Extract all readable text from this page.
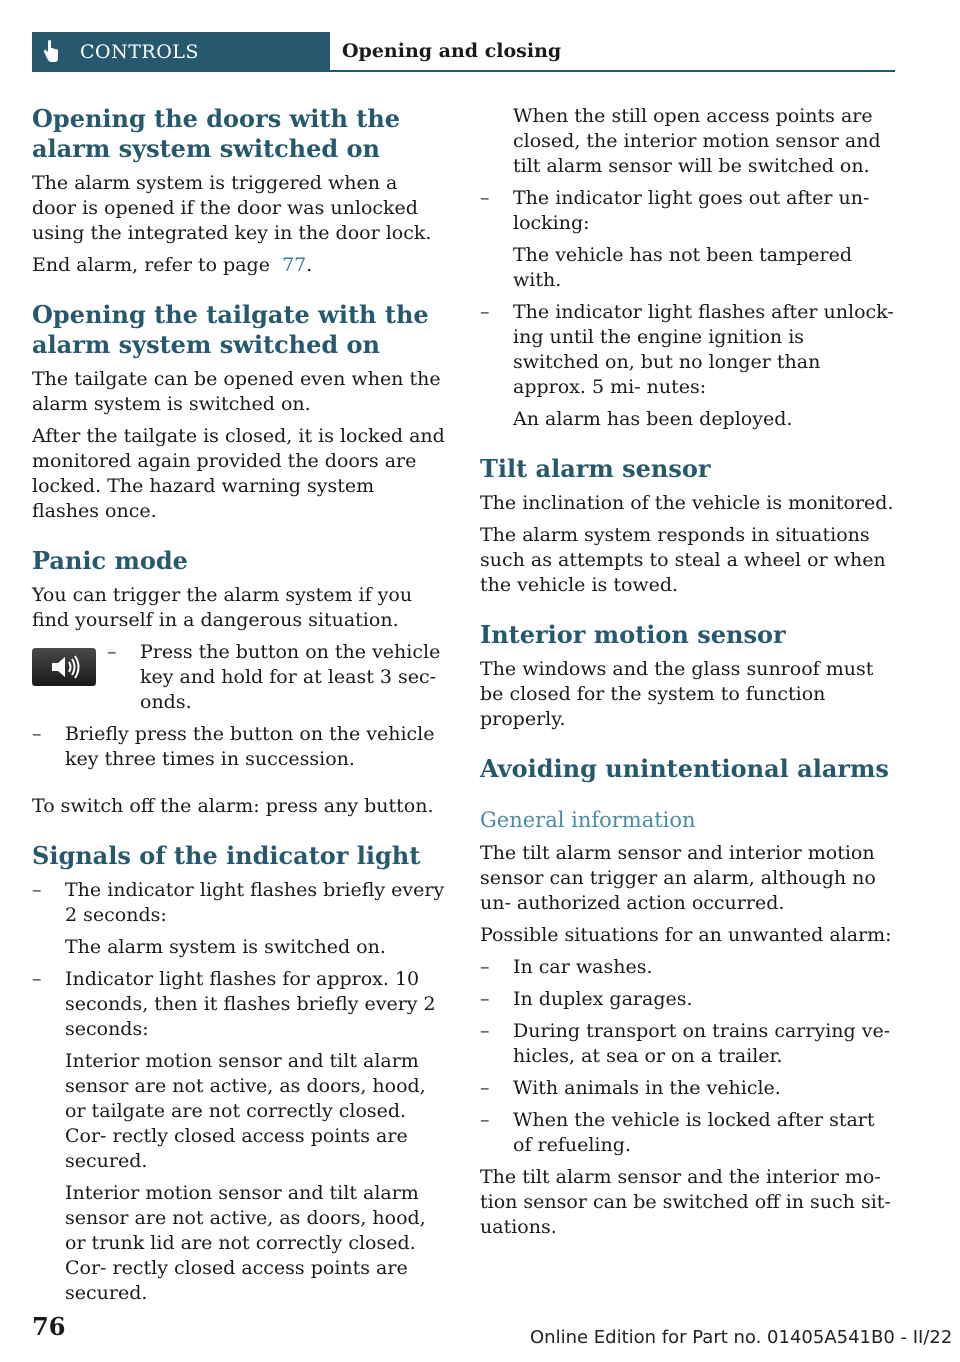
CONTROLS	Opening and closing
Opening the doors with the alarm system switched on

The alarm system is triggered when a door is opened if the door was unlocked using the integrated key in the door lock.

End alarm, refer to page 77.

Opening the tailgate with the alarm system switched on

The tailgate can be opened even when the alarm system is switched on.

After the tailgate is closed, it is locked and monitored again provided the doors are locked. The hazard warning system flashes once.

Panic mode

You can trigger the alarm system if you find yourself in a dangerous situation.

– Press the button on the vehicle key and hold for at least 3 sec- onds.
– Briefly press the button on the vehicle key three times in succession.

To switch off the alarm: press any button.

Signals of the indicator light
– The indicator light flashes briefly every 2 seconds:

The alarm system is switched on.

– Indicator light flashes for approx. 10 seconds, then it flashes briefly every 2 seconds:

Interior motion sensor and tilt alarm sensor are not active, as doors, hood, or tailgate are not correctly closed. Cor- rectly closed access points are secured.

Interior motion sensor and tilt alarm sensor are not active, as doors, hood, or trunk lid are not correctly closed. Cor- rectly closed access points are secured.

When the still open access points are closed, the interior motion sensor and tilt alarm sensor will be switched on.

– The indicator light goes out after un- locking:

The vehicle has not been tampered with.

– The indicator light flashes after unlock- ing until the engine ignition is switched on, but no longer than approx. 5 mi- nutes:

An alarm has been deployed.

Tilt alarm sensor

The inclination of the vehicle is monitored.

The alarm system responds in situations such as attempts to steal a wheel or when the vehicle is towed.

Interior motion sensor

The windows and the glass sunroof must be closed for the system to function properly.

Avoiding unintentional alarms
General information

The tilt alarm sensor and interior motion sensor can trigger an alarm, although no un- authorized action occurred.

Possible situations for an unwanted alarm:

– In car washes.
– In duplex garages.
– During transport on trains carrying ve- hicles, at sea or on a trailer.
– With animals in the vehicle.
– When the vehicle is locked after start of refueling.

The tilt alarm sensor and the interior mo- tion sensor can be switched off in such sit- uations.

76	Online Edition for Part no. 01405A541B0 - II/22
